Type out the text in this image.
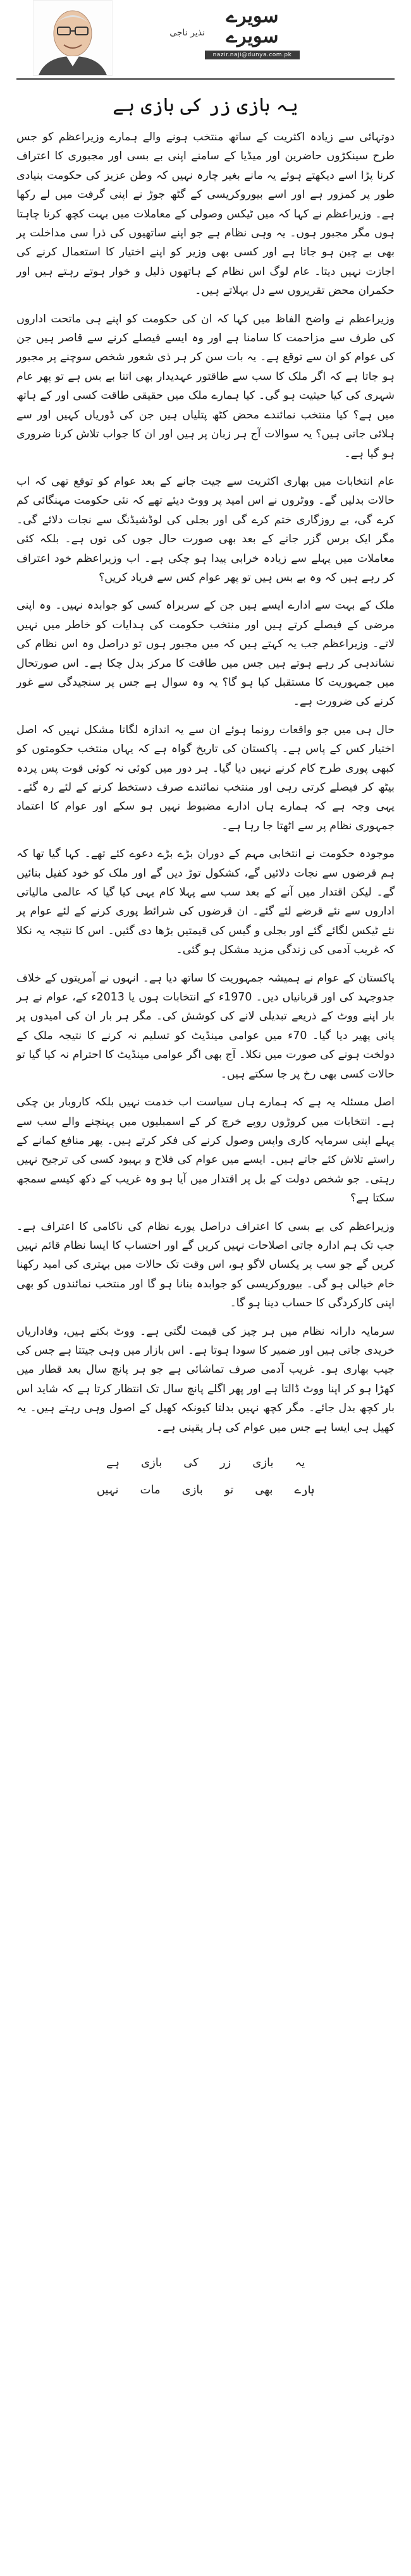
سویرے
سویرے
نذیر ناجی
nazir.naji@dunya.com.pk
یہ بازی زر کی بازی ہے

دوتہائی سے زیادہ اکثریت کے ساتھ منتخب ہونے والے ہمارے وزیراعظم کو جس طرح سینکڑوں حاضرین اور میڈیا کے سامنے اپنی بے بسی اور مجبوری کا اعتراف کرنا پڑا اسے دیکھتے ہوئے یہ مانے بغیر چارہ نہیں کہ وطن عزیز کی حکومت بنیادی طور پر کمزور ہے اور اسے بیوروکریسی کے گٹھ جوڑ نے اپنی گرفت میں لے رکھا ہے۔ وزیراعظم نے کہا کہ میں ٹیکس وصولی کے معاملات میں بہت کچھ کرنا چاہتا ہوں مگر مجبور ہوں۔ یہ وہی نظام ہے جو اپنے ساتھیوں کی ذرا سی مداخلت پر بھی بے چین ہو جاتا ہے اور کسی بھی وزیر کو اپنے اختیار کا استعمال کرنے کی اجازت نہیں دیتا۔ عام لوگ اس نظام کے ہاتھوں ذلیل و خوار ہوتے رہتے ہیں اور حکمران محض تقریروں سے دل بہلاتے ہیں۔

وزیراعظم نے واضح الفاظ میں کہا کہ ان کی حکومت کو اپنے ہی ماتحت اداروں کی طرف سے مزاحمت کا سامنا ہے اور وہ ایسے فیصلے کرنے سے قاصر ہیں جن کی عوام کو ان سے توقع ہے۔ یہ بات سن کر ہر ذی شعور شخص سوچنے پر مجبور ہو جاتا ہے کہ اگر ملک کا سب سے طاقتور عہدیدار بھی اتنا بے بس ہے تو پھر عام شہری کی کیا حیثیت ہو گی۔ کیا ہمارے ملک میں حقیقی طاقت کسی اور کے ہاتھ میں ہے؟ کیا منتخب نمائندے محض کٹھ پتلیاں ہیں جن کی ڈوریاں کہیں اور سے ہلائی جاتی ہیں؟ یہ سوالات آج ہر زبان پر ہیں اور ان کا جواب تلاش کرنا ضروری ہو گیا ہے۔

عام انتخابات میں بھاری اکثریت سے جیت جانے کے بعد عوام کو توقع تھی کہ اب حالات بدلیں گے۔ ووٹروں نے اس امید پر ووٹ دیئے تھے کہ نئی حکومت مہنگائی کم کرے گی، بے روزگاری ختم کرے گی اور بجلی کی لوڈشیڈنگ سے نجات دلائے گی۔ مگر ایک برس گزر جانے کے بعد بھی صورت حال جوں کی توں ہے۔ بلکہ کئی معاملات میں پہلے سے زیادہ خرابی پیدا ہو چکی ہے۔ اب وزیراعظم خود اعتراف کر رہے ہیں کہ وہ بے بس ہیں تو پھر عوام کس سے فریاد کریں؟

ملک کے بہت سے ادارے ایسے ہیں جن کے سربراہ کسی کو جوابدہ نہیں۔ وہ اپنی مرضی کے فیصلے کرتے ہیں اور منتخب حکومت کی ہدایات کو خاطر میں نہیں لاتے۔ وزیراعظم جب یہ کہتے ہیں کہ میں مجبور ہوں تو دراصل وہ اس نظام کی نشاندہی کر رہے ہوتے ہیں جس میں طاقت کا مرکز بدل چکا ہے۔ اس صورتحال میں جمہوریت کا مستقبل کیا ہو گا؟ یہ وہ سوال ہے جس پر سنجیدگی سے غور کرنے کی ضرورت ہے۔

حال ہی میں جو واقعات رونما ہوئے ان سے یہ اندازہ لگانا مشکل نہیں کہ اصل اختیار کس کے پاس ہے۔ پاکستان کی تاریخ گواہ ہے کہ یہاں منتخب حکومتوں کو کبھی پوری طرح کام کرنے نہیں دیا گیا۔ ہر دور میں کوئی نہ کوئی قوت پس پردہ بیٹھ کر فیصلے کرتی رہی اور منتخب نمائندے صرف دستخط کرنے کے لئے رہ گئے۔ یہی وجہ ہے کہ ہمارے ہاں ادارے مضبوط نہیں ہو سکے اور عوام کا اعتماد جمہوری نظام پر سے اٹھتا جا رہا ہے۔

موجودہ حکومت نے انتخابی مہم کے دوران بڑے بڑے دعوے کئے تھے۔ کہا گیا تھا کہ ہم قرضوں سے نجات دلائیں گے، کشکول توڑ دیں گے اور ملک کو خود کفیل بنائیں گے۔ لیکن اقتدار میں آنے کے بعد سب سے پہلا کام یہی کیا گیا کہ عالمی مالیاتی اداروں سے نئے قرضے لئے گئے۔ ان قرضوں کی شرائط پوری کرنے کے لئے عوام پر نئے ٹیکس لگائے گئے اور بجلی و گیس کی قیمتیں بڑھا دی گئیں۔ اس کا نتیجہ یہ نکلا کہ غریب آدمی کی زندگی مزید مشکل ہو گئی۔

پاکستان کے عوام نے ہمیشہ جمہوریت کا ساتھ دیا ہے۔ انہوں نے آمریتوں کے خلاف جدوجہد کی اور قربانیاں دیں۔ 1970ء کے انتخابات ہوں یا 2013ء کے، عوام نے ہر بار اپنے ووٹ کے ذریعے تبدیلی لانے کی کوشش کی۔ مگر ہر بار ان کی امیدوں پر پانی پھیر دیا گیا۔ 70ء میں عوامی مینڈیٹ کو تسلیم نہ کرنے کا نتیجہ ملک کے دولخت ہونے کی صورت میں نکلا۔ آج بھی اگر عوامی مینڈیٹ کا احترام نہ کیا گیا تو حالات کسی بھی رخ پر جا سکتے ہیں۔

اصل مسئلہ یہ ہے کہ ہمارے ہاں سیاست اب خدمت نہیں بلکہ کاروبار بن چکی ہے۔ انتخابات میں کروڑوں روپے خرچ کر کے اسمبلیوں میں پہنچنے والے سب سے پہلے اپنی سرمایہ کاری واپس وصول کرنے کی فکر کرتے ہیں۔ پھر منافع کمانے کے راستے تلاش کئے جاتے ہیں۔ ایسے میں عوام کی فلاح و بہبود کسی کی ترجیح نہیں رہتی۔ جو شخص دولت کے بل پر اقتدار میں آیا ہو وہ غریب کے دکھ کیسے سمجھ سکتا ہے؟

وزیراعظم کی بے بسی کا اعتراف دراصل پورے نظام کی ناکامی کا اعتراف ہے۔ جب تک ہم ادارہ جاتی اصلاحات نہیں کریں گے اور احتساب کا ایسا نظام قائم نہیں کریں گے جو سب پر یکساں لاگو ہو، اس وقت تک حالات میں بہتری کی امید رکھنا خام خیالی ہو گی۔ بیوروکریسی کو جوابدہ بنانا ہو گا اور منتخب نمائندوں کو بھی اپنی کارکردگی کا حساب دینا ہو گا۔

سرمایہ دارانہ نظام میں ہر چیز کی قیمت لگتی ہے۔ ووٹ بکتے ہیں، وفاداریاں خریدی جاتی ہیں اور ضمیر کا سودا ہوتا ہے۔ اس بازار میں وہی جیتتا ہے جس کی جیب بھاری ہو۔ غریب آدمی صرف تماشائی ہے جو ہر پانچ سال بعد قطار میں کھڑا ہو کر اپنا ووٹ ڈالتا ہے اور پھر اگلے پانچ سال تک انتظار کرتا ہے کہ شاید اس بار کچھ بدل جائے۔ مگر کچھ نہیں بدلتا کیونکہ کھیل کے اصول وہی رہتے ہیں۔ یہ کھیل ہی ایسا ہے جس میں عوام کی ہار یقینی ہے۔

یہ
بازی
زر
کی
بازی
ہے
ہارے
بھی
تو
بازی
مات
نہیں
